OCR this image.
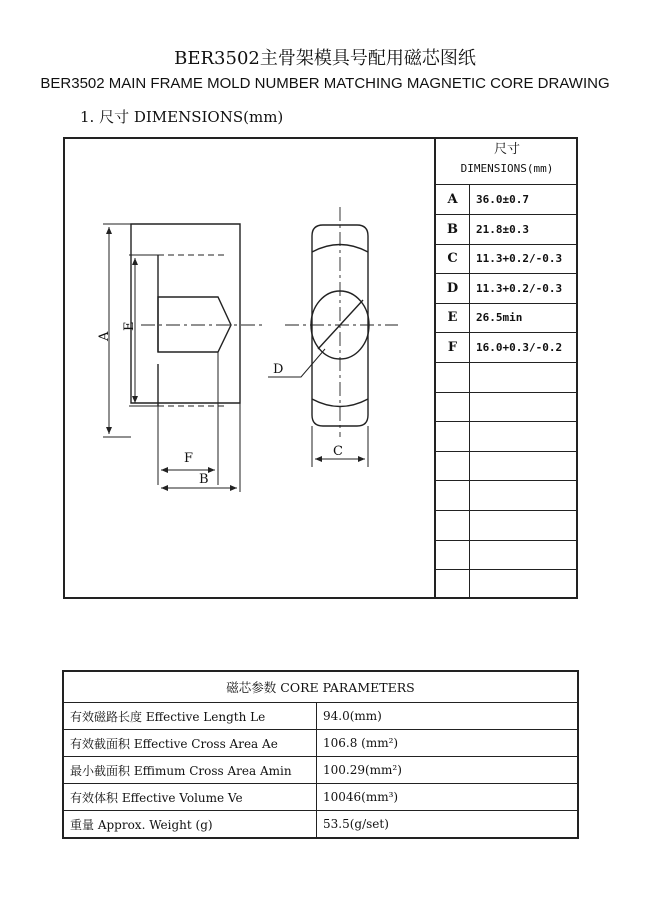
BER3502主骨架模具号配用磁芯图纸
BER3502 MAIN FRAME MOLD NUMBER MATCHING MAGNETIC CORE DRAWING
1. 尺寸 DIMENSIONS(mm)
A
E
F
B
C
D
尺寸
DIMENSIONS(mm)
A	36.0±0.7
B	21.8±0.3
C	11.3+0.2/-0.3
D	11.3+0.2/-0.3
E	26.5min
F	16.0+0.3/-0.2
磁芯参数 CORE PARAMETERS	
有效磁路长度 Effective Length Le	94.0(mm)
有效截面积 Effective Cross Area Ae	106.8 (mm²)
最小截面积 Effimum Cross Area Amin	100.29(mm²)
有效体积 Effective Volume Ve	10046(mm³)
重量 Approx. Weight (g)	53.5(g/set)
